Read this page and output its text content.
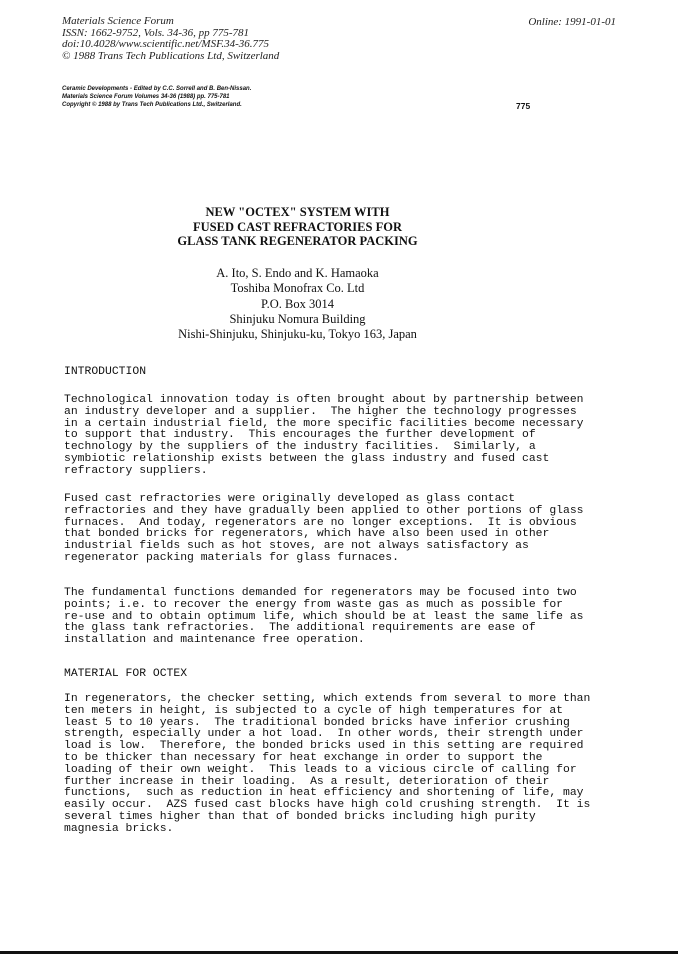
Materials Science Forum
ISSN: 1662-9752, Vols. 34-36, pp 775-781
doi:10.4028/www.scientific.net/MSF.34-36.775
© 1988 Trans Tech Publications Ltd, Switzerland
Online: 1991-01-01
Ceramic Developments - Edited by C.C. Sorrell and B. Ben-Nissan.
Materials Science Forum Volumes 34-36 (1988) pp. 775-781
Copyright © 1988 by Trans Tech Publications Ltd., Switzerland.	775
NEW "OCTEX" SYSTEM WITH
FUSED CAST REFRACTORIES FOR
GLASS TANK REGENERATOR PACKING
A. Ito, S. Endo and K. Hamaoka
Toshiba Monofrax Co. Ltd
P.O. Box 3014
Shinjuku Nomura Building
Nishi-Shinjuku, Shinjuku-ku, Tokyo 163, Japan
INTRODUCTION

Technological innovation today is often brought about by partnership between
an industry developer and a supplier.  The higher the technology progresses
in a certain industrial field, the more specific facilities become necessary
to support that industry.  This encourages the further development of
technology by the suppliers of the industry facilities.  Similarly, a
symbiotic relationship exists between the glass industry and fused cast
refractory suppliers.

Fused cast refractories were originally developed as glass contact
refractories and they have gradually been applied to other portions of glass
furnaces.  And today, regenerators are no longer exceptions.  It is obvious
that bonded bricks for regenerators, which have also been used in other
industrial fields such as hot stoves, are not always satisfactory as
regenerator packing materials for glass furnaces.

The fundamental functions demanded for regenerators may be focused into two
points; i.e. to recover the energy from waste gas as much as possible for
re-use and to obtain optimum life, which should be at least the same life as
the glass tank refractories.  The additional requirements are ease of
installation and maintenance free operation.

MATERIAL FOR OCTEX

In regenerators, the checker setting, which extends from several to more than
ten meters in height, is subjected to a cycle of high temperatures for at
least 5 to 10 years.  The traditional bonded bricks have inferior crushing
strength, especially under a hot load.  In other words, their strength under
load is low.  Therefore, the bonded bricks used in this setting are required
to be thicker than necessary for heat exchange in order to support the
loading of their own weight.  This leads to a vicious circle of calling for
further increase in their loading.  As a result, deterioration of their
functions,  such as reduction in heat efficiency and shortening of life, may
easily occur.  AZS fused cast blocks have high cold crushing strength.  It is
several times higher than that of bonded bricks including high purity
magnesia bricks.
